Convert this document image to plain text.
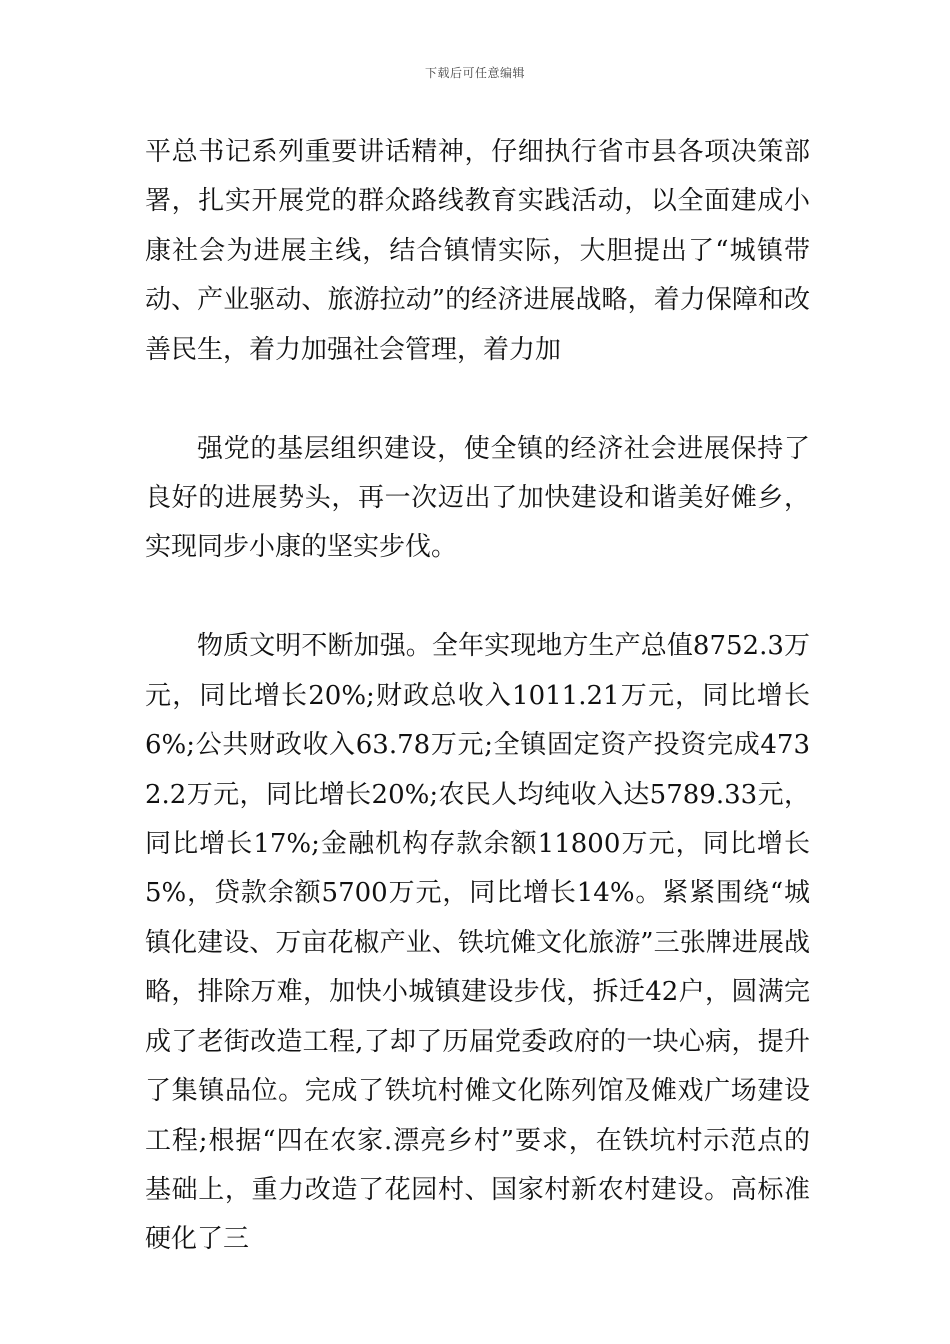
下载后可任意编辑

平总书记系列重要讲话精神，仔细执行省市县各项决策部署，扎实开展党的群众路线教育实践活动，以全面建成小康社会为进展主线，结合镇情实际，大胆提出了“城镇带动、产业驱动、旅游拉动”的经济进展战略，着力保障和改善民生，着力加强社会管理，着力加

强党的基层组织建设，使全镇的经济社会进展保持了良好的进展势头，再一次迈出了加快建设和谐美好傩乡，实现同步小康的坚实步伐。

物质文明不断加强。全年实现地方生产总值8752.3万元，同比增长20%;财政总收入1011.21万元，同比增长6%;公共财政收入63.78万元;全镇固定资产投资完成4732.2万元，同比增长20%;农民人均纯收入达5789.33元，同比增长17%;金融机构存款余额11800万元，同比增长5%，贷款余额5700万元，同比增长14%。紧紧围绕“城镇化建设、万亩花椒产业、铁坑傩文化旅游”三张牌进展战略，排除万难，加快小城镇建设步伐，拆迁42户，圆满完成了老街改造工程,了却了历届党委政府的一块心病，提升了集镇品位。完成了铁坑村傩文化陈列馆及傩戏广场建设工程;根据“四在农家.漂亮乡村”要求，在铁坑村示范点的基础上，重力改造了花园村、国家村新农村建设。高标准硬化了三
